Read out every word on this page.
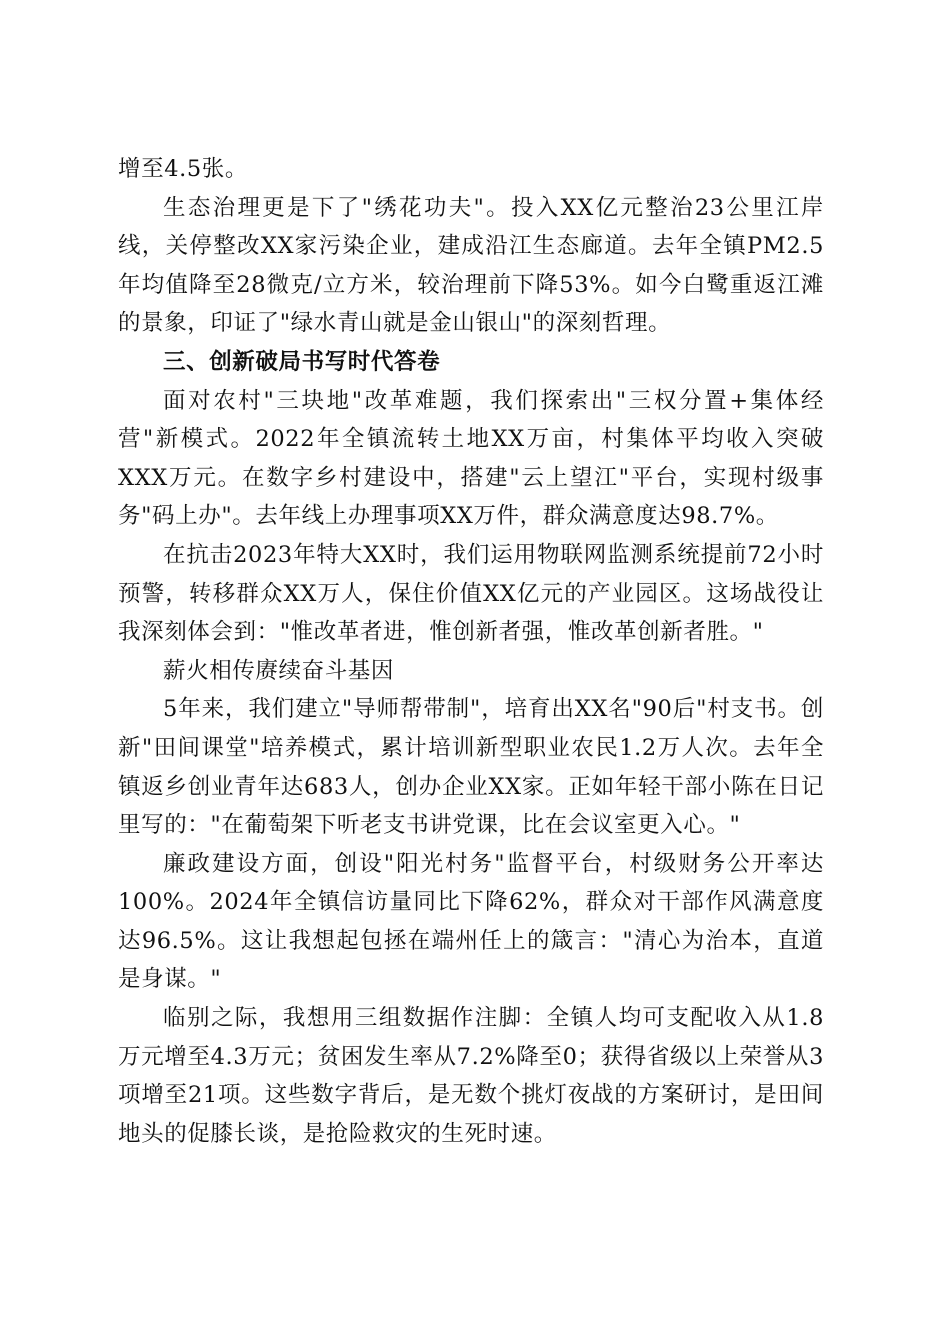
增至4.5张。

生态治理更是下了"绣花功夫"。投入XX亿元整治23公里江岸线，关停整改XX家污染企业，建成沿江生态廊道。去年全镇PM2.5年均值降至28微克/立方米，较治理前下降53%。如今白鹭重返江滩的景象，印证了"绿水青山就是金山银山"的深刻哲理。

三、创新破局书写时代答卷

面对农村"三块地"改革难题，我们探索出"三权分置+集体经营"新模式。2022年全镇流转土地XX万亩，村集体平均收入突破XXX万元。在数字乡村建设中，搭建"云上望江"平台，实现村级事务"码上办"。去年线上办理事项XX万件，群众满意度达98.7%。

在抗击2023年特大XX时，我们运用物联网监测系统提前72小时预警，转移群众XX万人，保住价值XX亿元的产业园区。这场战役让我深刻体会到："惟改革者进，惟创新者强，惟改革创新者胜。"

薪火相传赓续奋斗基因

5年来，我们建立"导师帮带制"，培育出XX名"90后"村支书。创新"田间课堂"培养模式，累计培训新型职业农民1.2万人次。去年全镇返乡创业青年达683人，创办企业XX家。正如年轻干部小陈在日记里写的："在葡萄架下听老支书讲党课，比在会议室更入心。"

廉政建设方面，创设"阳光村务"监督平台，村级财务公开率达100%。2024年全镇信访量同比下降62%，群众对干部作风满意度达96.5%。这让我想起包拯在端州任上的箴言："清心为治本，直道是身谋。"

临别之际，我想用三组数据作注脚：全镇人均可支配收入从1.8万元增至4.3万元；贫困发生率从7.2%降至0；获得省级以上荣誉从3项增至21项。这些数字背后，是无数个挑灯夜战的方案研讨，是田间地头的促膝长谈，是抢险救灾的生死时速。
